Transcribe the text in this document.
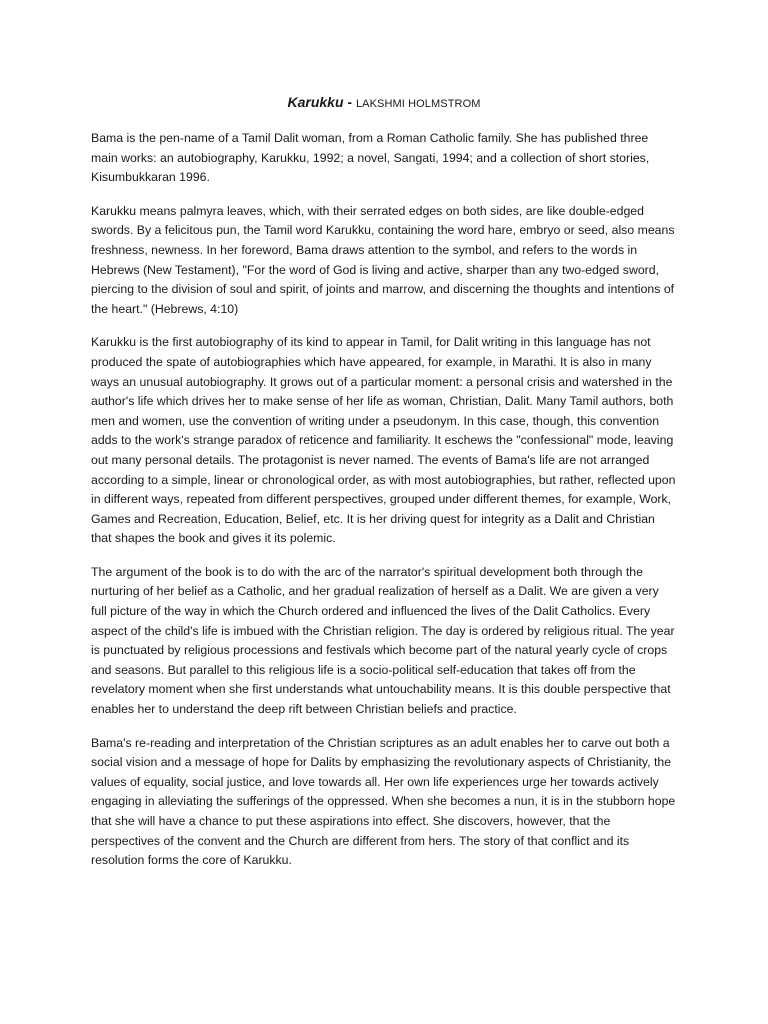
Karukku - LAKSHMI HOLMSTROM

Bama is the pen-name of a Tamil Dalit woman, from a Roman Catholic family. She has published three main works: an autobiography, Karukku, 1992; a novel, Sangati, 1994; and a collection of short stories, Kisumbukkaran 1996.

Karukku means palmyra leaves, which, with their serrated edges on both sides, are like double-edged swords. By a felicitous pun, the Tamil word Karukku, containing the word hare, embryo or seed, also means freshness, newness. In her foreword, Bama draws attention to the symbol, and refers to the words in Hebrews (New Testament), "For the word of God is living and active, sharper than any two-edged sword, piercing to the division of soul and spirit, of joints and marrow, and discerning the thoughts and intentions of the heart." (Hebrews, 4:10)

Karukku is the first autobiography of its kind to appear in Tamil, for Dalit writing in this language has not produced the spate of autobiographies which have appeared, for example, in Marathi. It is also in many ways an unusual autobiography. It grows out of a particular moment: a personal crisis and watershed in the author's life which drives her to make sense of her life as woman, Christian, Dalit. Many Tamil authors, both men and women, use the convention of writing under a pseudonym. In this case, though, this convention adds to the work's strange paradox of reticence and familiarity. It eschews the "confessional" mode, leaving out many personal details. The protagonist is never named. The events of Bama's life are not arranged according to a simple, linear or chronological order, as with most autobiographies, but rather, reflected upon in different ways, repeated from different perspectives, grouped under different themes, for example, Work, Games and Recreation, Education, Belief, etc. It is her driving quest for integrity as a Dalit and Christian that shapes the book and gives it its polemic.

The argument of the book is to do with the arc of the narrator's spiritual development both through the nurturing of her belief as a Catholic, and her gradual realization of herself as a Dalit. We are given a very full picture of the way in which the Church ordered and influenced the lives of the Dalit Catholics. Every aspect of the child's life is imbued with the Christian religion. The day is ordered by religious ritual. The year is punctuated by religious processions and festivals which become part of the natural yearly cycle of crops and seasons. But parallel to this religious life is a socio-political self-education that takes off from the revelatory moment when she first understands what untouchability means. It is this double perspective that enables her to understand the deep rift between Christian beliefs and practice.

Bama's re-reading and interpretation of the Christian scriptures as an adult enables her to carve out both a social vision and a message of hope for Dalits by emphasizing the revolutionary aspects of Christianity, the values of equality, social justice, and love towards all. Her own life experiences urge her towards actively engaging in alleviating the sufferings of the oppressed. When she becomes a nun, it is in the stubborn hope that she will have a chance to put these aspirations into effect. She discovers, however, that the perspectives of the convent and the Church are different from hers. The story of that conflict and its resolution forms the core of Karukku.
